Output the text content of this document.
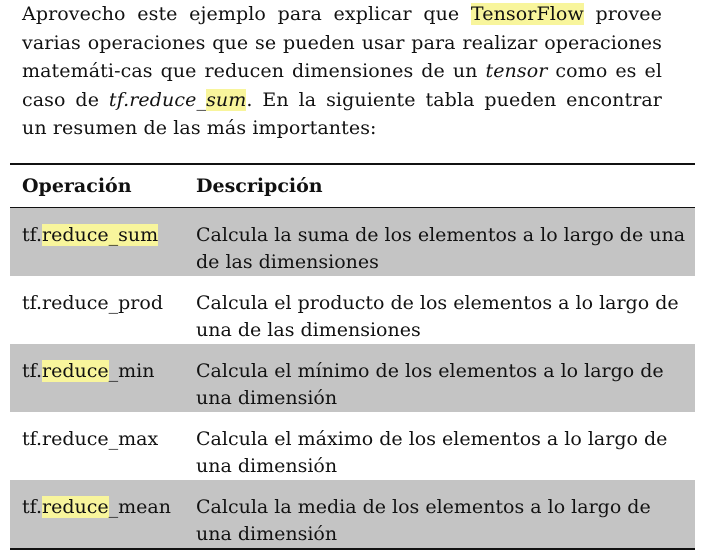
Aprovecho este ejemplo para explicar que TensorFlow provee varias operaciones que se pueden usar para realizar operaciones matemáti-cas que reducen dimensiones de un tensor como es el caso de tf.reduce_sum. En la siguiente tabla pueden encontrar un resumen de las más importantes:
Operación	Descripción
tf.reduce_sum	Calcula la suma de los elementos a lo largo de una de las dimensiones
tf.reduce_prod	Calcula el producto de los elementos a lo largo de una de las dimensiones
tf.reduce_min	Calcula el mínimo de los elementos a lo largo de una dimensión
tf.reduce_max	Calcula el máximo de los elementos a lo largo de una dimensión
tf.reduce_mean	Calcula la media de los elementos a lo largo de una dimensión
